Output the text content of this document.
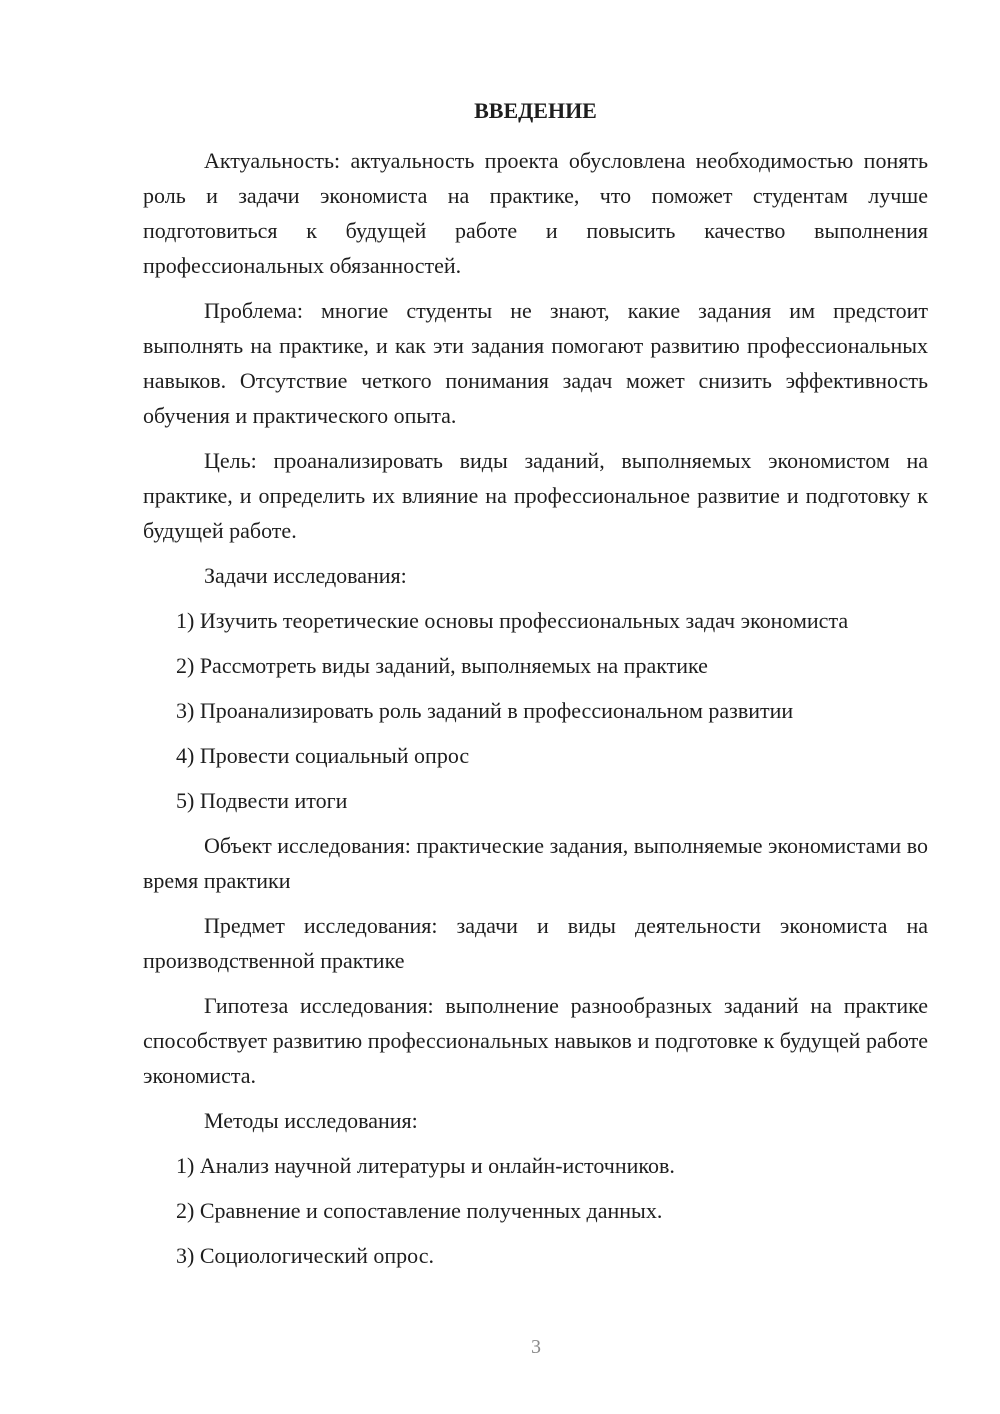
ВВЕДЕНИЕ

Актуальность: актуальность проекта обусловлена необходимостью понять роль и задачи экономиста на практике, что поможет студентам лучше подготовиться к будущей работе и повысить качество выполнения профессиональных обязанностей.

Проблема: многие студенты не знают, какие задания им предстоит выполнять на практике, и как эти задания помогают развитию профессиональных навыков. Отсутствие четкого понимания задач может снизить эффективность обучения и практического опыта.

Цель: проанализировать виды заданий, выполняемых экономистом на практике, и определить их влияние на профессиональное развитие и подготовку к будущей работе.

Задачи исследования:

1) Изучить теоретические основы профессиональных задач экономиста

2) Рассмотреть виды заданий, выполняемых на практике

3) Проанализировать роль заданий в профессиональном развитии

4) Провести социальный опрос

5) Подвести итоги

Объект исследования: практические задания, выполняемые экономистами во время практики

Предмет исследования: задачи и виды деятельности экономиста на производственной практике

Гипотеза исследования: выполнение разнообразных заданий на практике способствует развитию профессиональных навыков и подготовке к будущей работе экономиста.

Методы исследования:

1) Анализ научной литературы и онлайн-источников.

2) Сравнение и сопоставление полученных данных.

3) Социологический опрос.

3
